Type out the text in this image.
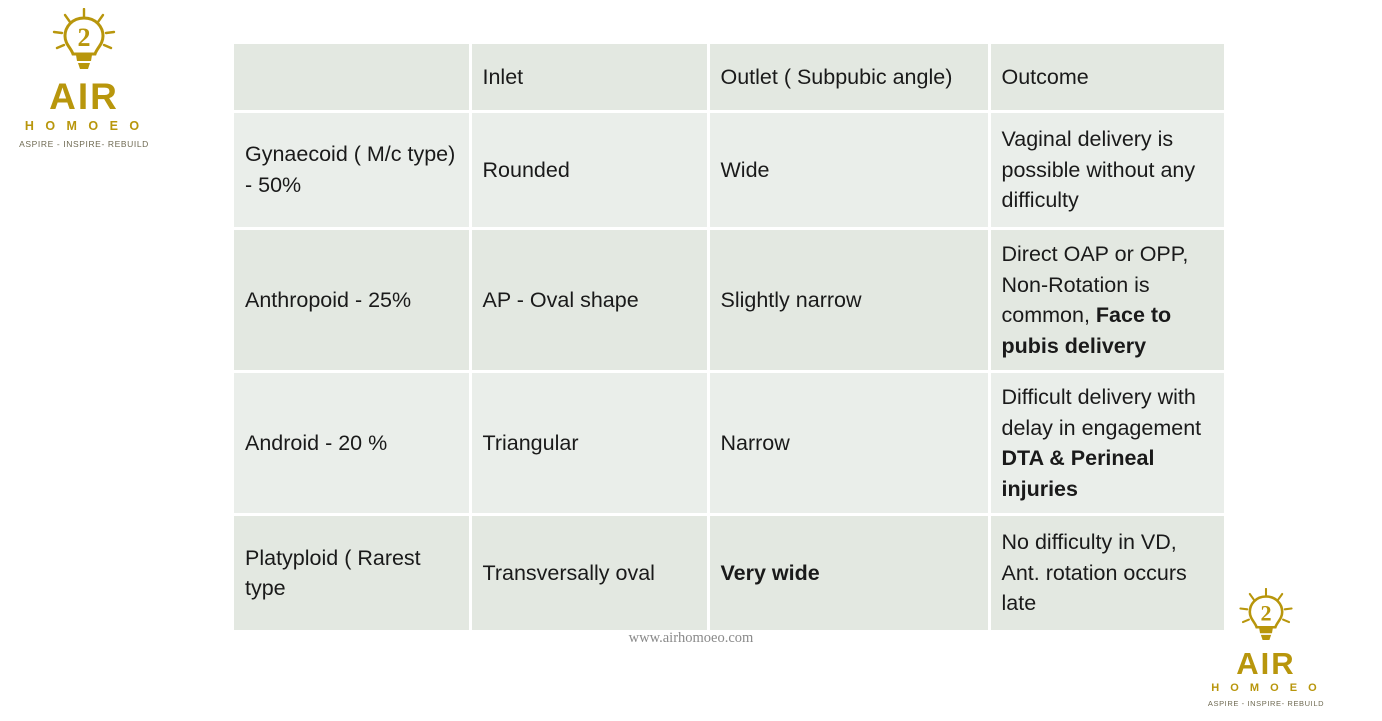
2
AIR
H O M O E O
ASPIRE - INSPIRE- REBUILD
	Inlet	Outlet ( Subpubic angle)	Outcome
Gynaecoid ( M/c type) - 50%	Rounded	Wide	Vaginal delivery is possible without any difficulty
Anthropoid - 25%	AP - Oval shape	Slightly narrow	Direct OAP or OPP, Non-Rotation is common, Face to pubis delivery
Android - 20 %	Triangular	Narrow	Difficult delivery with delay in engagement DTA & Perineal injuries
Platyploid ( Rarest type	Transversally oval	Very wide	No difficulty in VD, Ant. rotation occurs late
www.airhomoeo.com
2
AIR
H O M O E O
ASPIRE - INSPIRE- REBUILD
